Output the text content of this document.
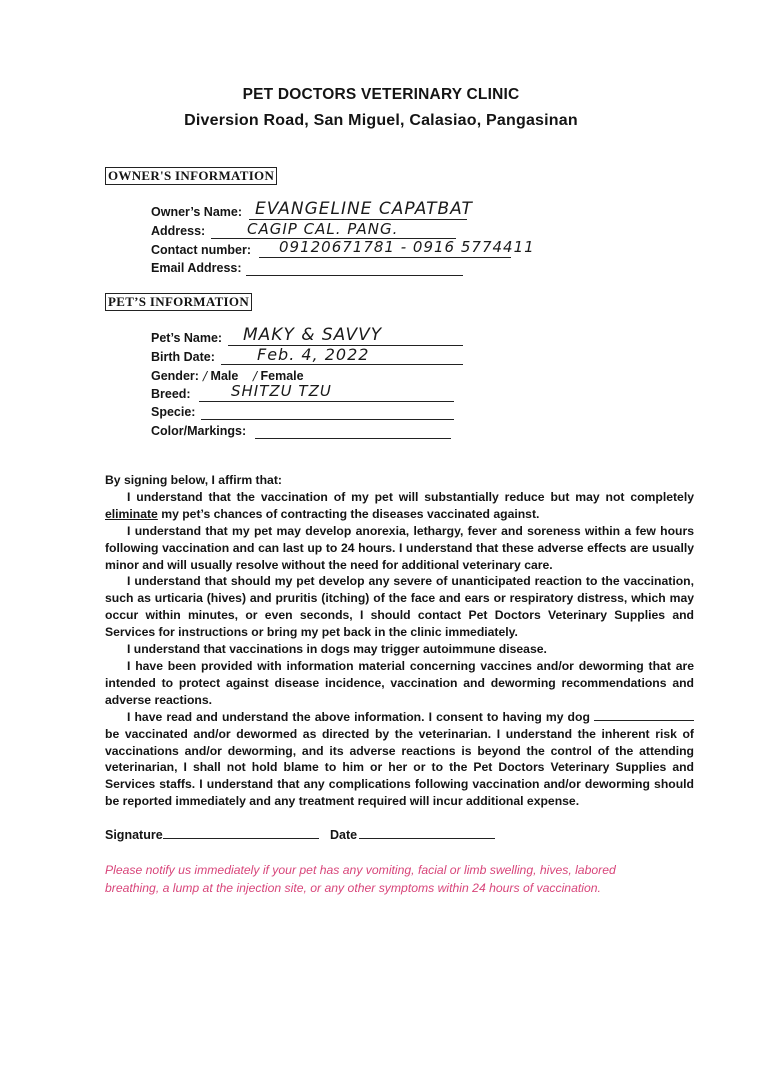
PET DOCTORS VETERINARY CLINIC
Diversion Road, San Miguel, Calasiao, Pangasinan
OWNER'S INFORMATION
Owner’s Name: EVANGELINE CAPATBAT
Address:	CAGIP CAL. PANG.
Contact number: 09120671781 - 0916 5774411
Email Address:
PET’S INFORMATION
Pet’s Name: MAKY & SAVVY
Birth Date:	Feb. 4, 2022
Gender: / Male / Female
Breed:	SHITZU TZU
Specie:
Color/Markings:

By signing below, I affirm that:

I understand that the vaccination of my pet will substantially reduce but may not completely eliminate my pet’s chances of contracting the diseases vaccinated against.

I understand that my pet may develop anorexia, lethargy, fever and soreness within a few hours following vaccination and can last up to 24 hours. I understand that these adverse effects are usually minor and will usually resolve without the need for additional veterinary care.

I understand that should my pet develop any severe of unanticipated reaction to the vaccination, such as urticaria (hives) and pruritis (itching) of the face and ears or respiratory distress, which may occur within minutes, or even seconds, I should contact Pet Doctors Veterinary Supplies and Services for instructions or bring my pet back in the clinic immediately.

I understand that vaccinations in dogs may trigger autoimmune disease.

I have been provided with information material concerning vaccines and/or deworming that are intended to protect against disease incidence, vaccination and deworming recommendations and adverse reactions.

I have read and understand the above information. I consent to having my dog  be vaccinated and/or dewormed as directed by the veterinarian. I understand the inherent risk of vaccinations and/or deworming, and its adverse reactions is beyond the control of the attending veterinarian, I shall not hold blame to him or her or to the Pet Doctors Veterinary Supplies and Services staffs. I understand that any complications following vaccination and/or deworming should be reported immediately and any treatment required will incur additional expense.

Signature	Date
Please notify us immediately if your pet has any vomiting, facial or limb swelling, hives, labored breathing, a lump at the injection site, or any other symptoms within 24 hours of vaccination.
